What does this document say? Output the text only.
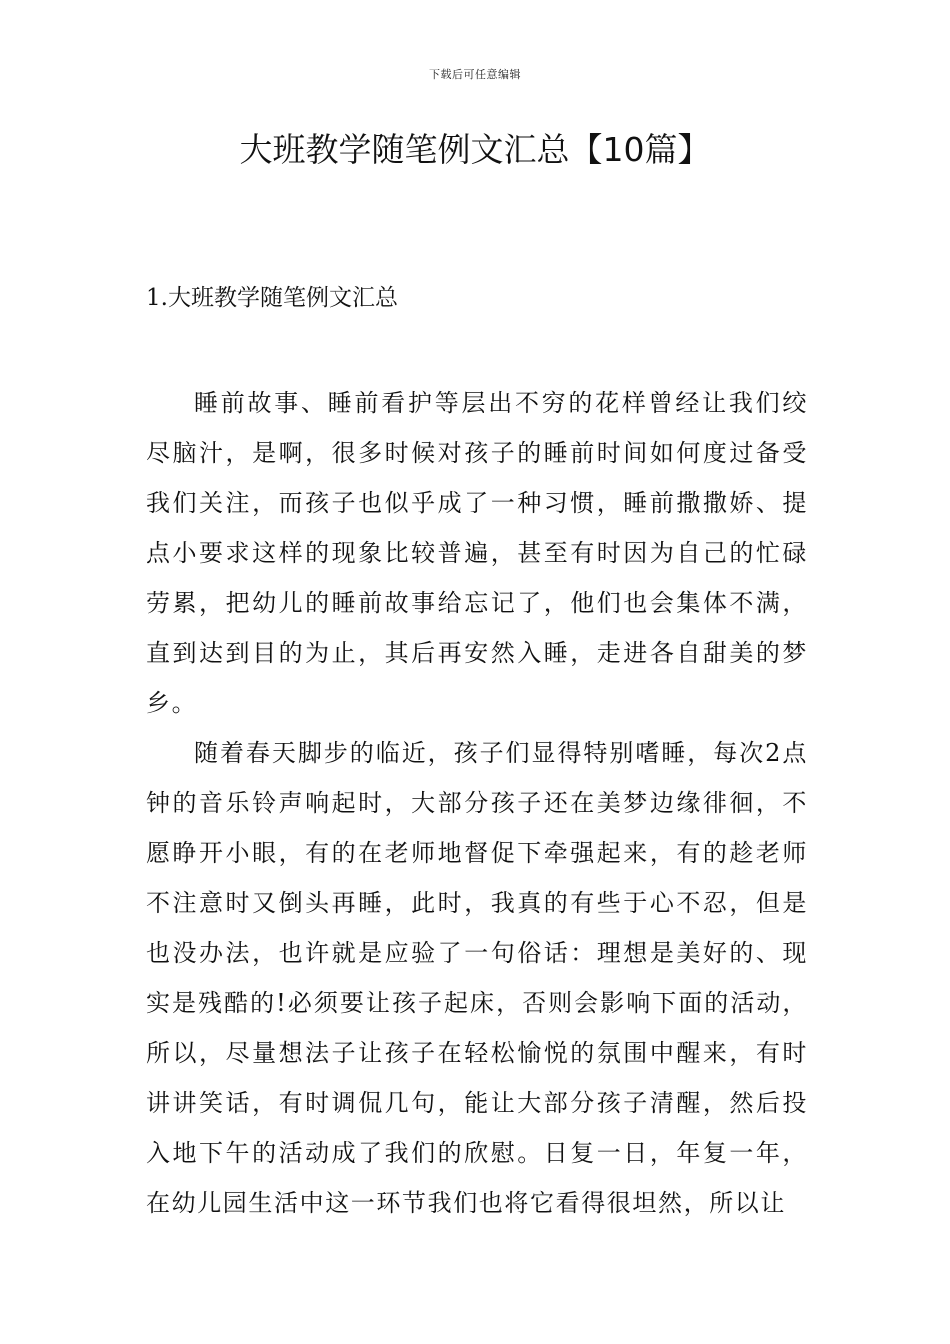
下载后可任意编辑
大班教学随笔例文汇总【10篇】
1.大班教学随笔例文汇总

睡前故事、睡前看护等层出不穷的花样曾经让我们绞尽脑汁，是啊，很多时候对孩子的睡前时间如何度过备受我们关注，而孩子也似乎成了一种习惯，睡前撒撒娇、提点小要求这样的现象比较普遍，甚至有时因为自己的忙碌劳累，把幼儿的睡前故事给忘记了，他们也会集体不满，直到达到目的为止，其后再安然入睡，走进各自甜美的梦乡。

随着春天脚步的临近，孩子们显得特别嗜睡，每次2点钟的音乐铃声响起时，大部分孩子还在美梦边缘徘徊，不愿睁开小眼，有的在老师地督促下牵强起来，有的趁老师不注意时又倒头再睡，此时，我真的有些于心不忍，但是也没办法，也许就是应验了一句俗话：理想是美好的、现实是残酷的!必须要让孩子起床，否则会影响下面的活动，所以，尽量想法子让孩子在轻松愉悦的氛围中醒来，有时讲讲笑话，有时调侃几句，能让大部分孩子清醒，然后投入地下午的活动成了我们的欣慰。日复一日，年复一年，在幼儿园生活中这一环节我们也将它看得很坦然，所以让
